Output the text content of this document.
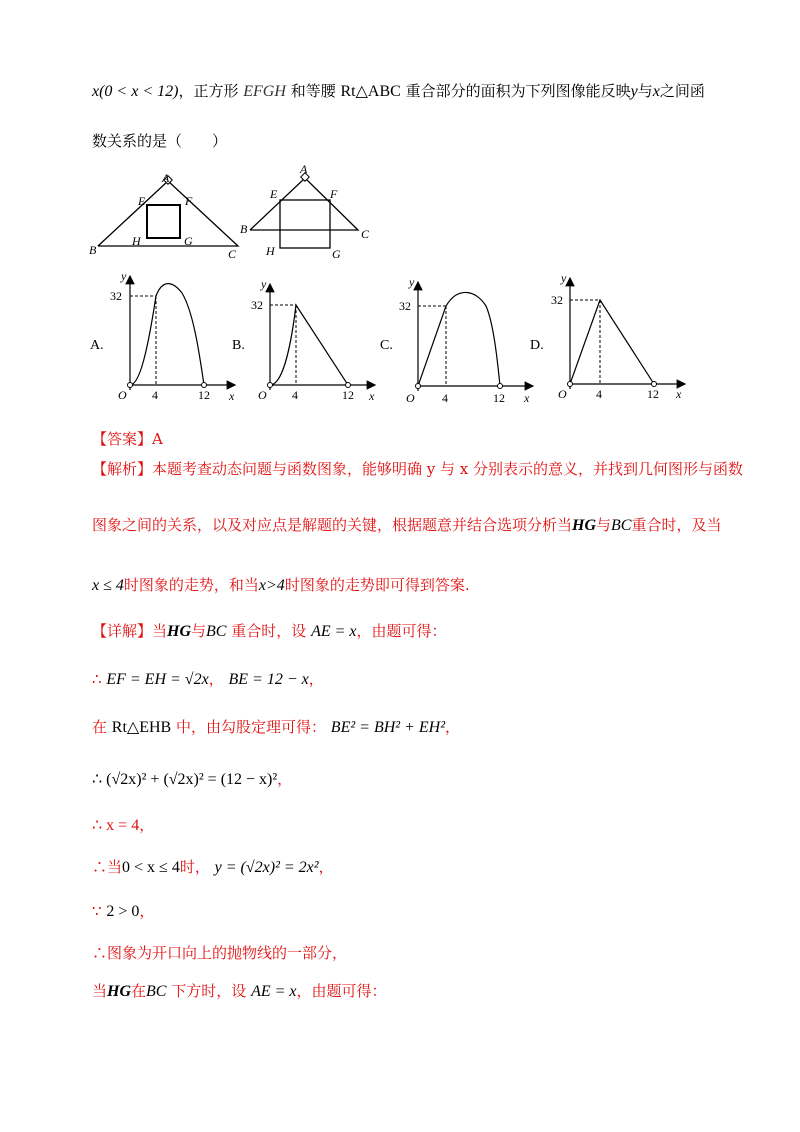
x(0 < x < 12)，正方形 EFGH 和等腰 Rt△ABC 重合部分的面积为下列图像能反映y与x之间函
数关系的是（　　）
A
E	F
B
H	G
C
A
E	F
B	C
H	G
A.
y
x
32
O 4	12
B.
y
x
32
O 4	12
C.
y
x
32
O 4	12
D.
y
x
32
O 4	12
【答案】A
【解析】本题考查动态问题与函数图象，能够明确 y 与 x 分别表示的意义，并找到几何图形与函数
图象之间的关系，以及对应点是解题的关键，根据题意并结合选项分析当HG与BC重合时，及当
x ≤ 4时图象的走势，和当x>4时图象的走势即可得到答案.
【详解】当HG与BC 重合时，设 AE = x，由题可得：
∴ EF = EH = √2x， BE = 12 − x，
在 Rt△EHB 中，由勾股定理可得： BE² = BH² + EH²，
∴ (√2x)² + (√2x)² = (12 − x)²，
∴ x = 4，
∴当0 < x ≤ 4时， y = (√2x)² = 2x²，
∵ 2 > 0，
∴图象为开口向上的抛物线的一部分，
当HG在BC 下方时，设 AE = x，由题可得：
